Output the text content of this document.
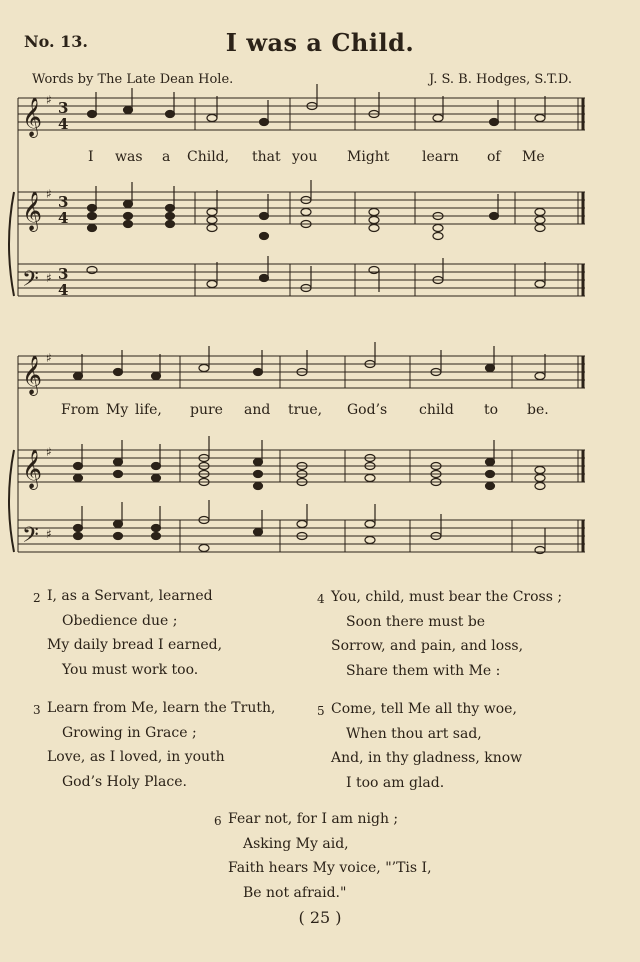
No. 13.	I was a Child.
Words by The Late Dean Hole.	J. S. B. Hodges, S.T.D.
𝄞
𝄞
𝄢
𝄞
𝄞
𝄢
♯
♯
♯
♯
♯
♯
3
4
3
4
3
4
I was a Child, that you Might learn of Me
From My life, pure and true, God’s child to be.
2 I, as a Servant, learned
Obedience due ;
My daily bread I earned,
You must work too.
4 You, child, must bear the Cross ;
Soon there must be
Sorrow, and pain, and loss,
Share them with Me :
3 Learn from Me, learn the Truth,
Growing in Grace ;
Love, as I loved, in youth
God’s Holy Place.
5 Come, tell Me all thy woe,
When thou art sad,
And, in thy gladness, know
I too am glad.
6 Fear not, for I am nigh ;
Asking My aid,
Faith hears My voice, "’Tis I,
Be not afraid."
( 25 )
